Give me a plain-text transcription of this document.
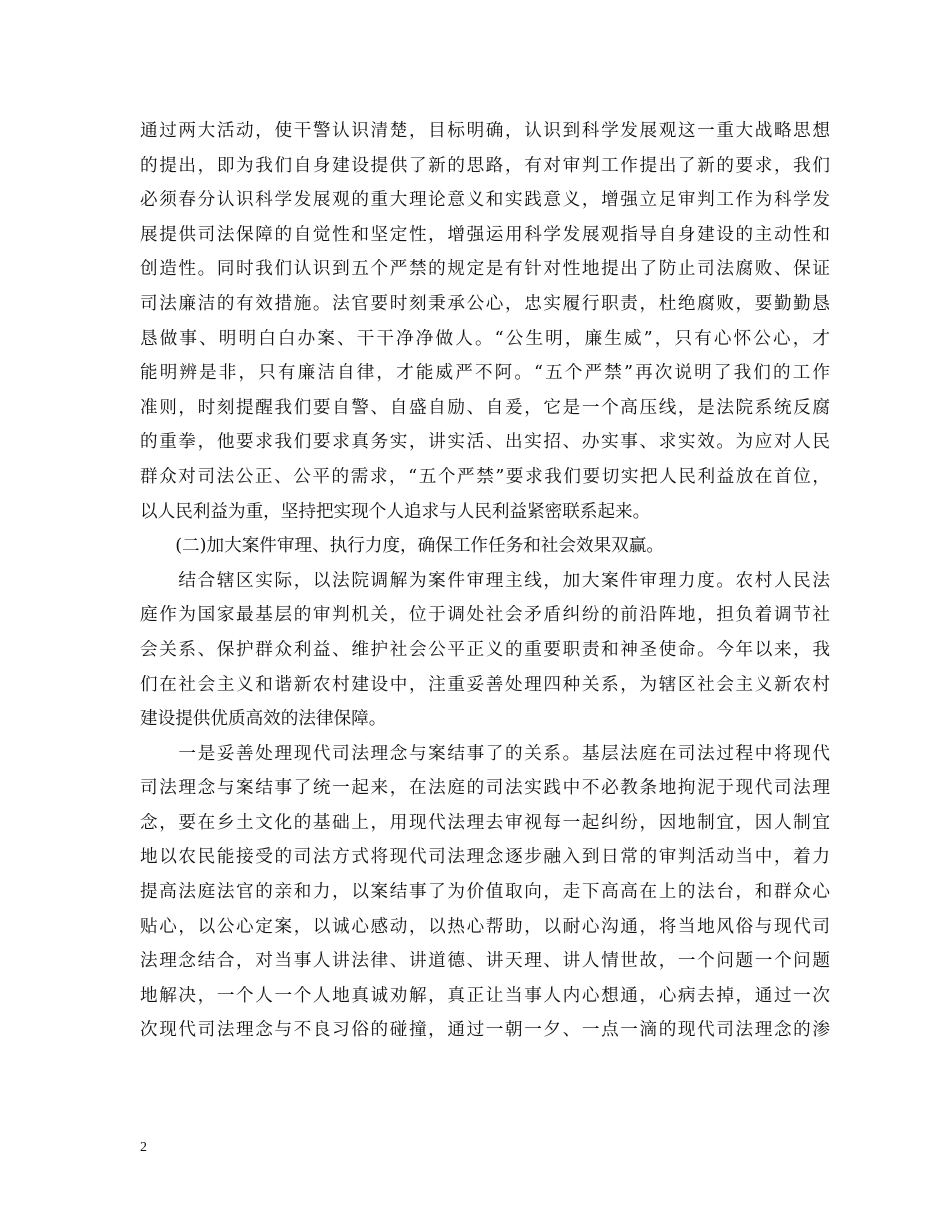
通过两大活动，使干警认识清楚，目标明确，认识到科学发展观这一重大战略思想
的提出，即为我们自身建设提供了新的思路，有对审判工作提出了新的要求，我们
必须春分认识科学发展观的重大理论意义和实践意义，增强立足审判工作为科学发
展提供司法保障的自觉性和坚定性，增强运用科学发展观指导自身建设的主动性和
创造性。同时我们认识到五个严禁的规定是有针对性地提出了防止司法腐败、保证
司法廉洁的有效措施。法官要时刻秉承公心，忠实履行职责，杜绝腐败，要勤勤恳
恳做事、明明白白办案、干干净净做人。“公生明，廉生威”，只有心怀公心，才
能明辨是非，只有廉洁自律，才能威严不阿。“五个严禁”再次说明了我们的工作
准则，时刻提醒我们要自警、自盛自励、自爰，它是一个高压线，是法院系统反腐
的重拳，他要求我们要求真务实，讲实活、出实招、办实事、求实效。为应对人民
群众对司法公正、公平的需求，“五个严禁”要求我们要切实把人民利益放在首位，
以人民利益为重，坚持把实现个人追求与人民利益紧密联系起来。
　　(二)加大案件审理、执行力度，确保工作任务和社会效果双赢。
　　结合辖区实际，以法院调解为案件审理主线，加大案件审理力度。农村人民法
庭作为国家最基层的审判机关，位于调处社会矛盾纠纷的前沿阵地，担负着调节社
会关系、保护群众利益、维护社会公平正义的重要职责和神圣使命。今年以来，我
们在社会主义和谐新农村建设中，注重妥善处理四种关系，为辖区社会主义新农村
建设提供优质高效的法律保障。
　　一是妥善处理现代司法理念与案结事了的关系。基层法庭在司法过程中将现代
司法理念与案结事了统一起来，在法庭的司法实践中不必教条地拘泥于现代司法理
念，要在乡土文化的基础上，用现代法理去审视每一起纠纷，因地制宜，因人制宜
地以农民能接受的司法方式将现代司法理念逐步融入到日常的审判活动当中，着力
提高法庭法官的亲和力，以案结事了为价值取向，走下高高在上的法台，和群众心
贴心，以公心定案，以诚心感动，以热心帮助，以耐心沟通，将当地风俗与现代司
法理念结合，对当事人讲法律、讲道德、讲天理、讲人情世故，一个问题一个问题
地解决，一个人一个人地真诚劝解，真正让当事人内心想通，心病去掉，通过一次
次现代司法理念与不良习俗的碰撞，通过一朝一夕、一点一滴的现代司法理念的渗
2
